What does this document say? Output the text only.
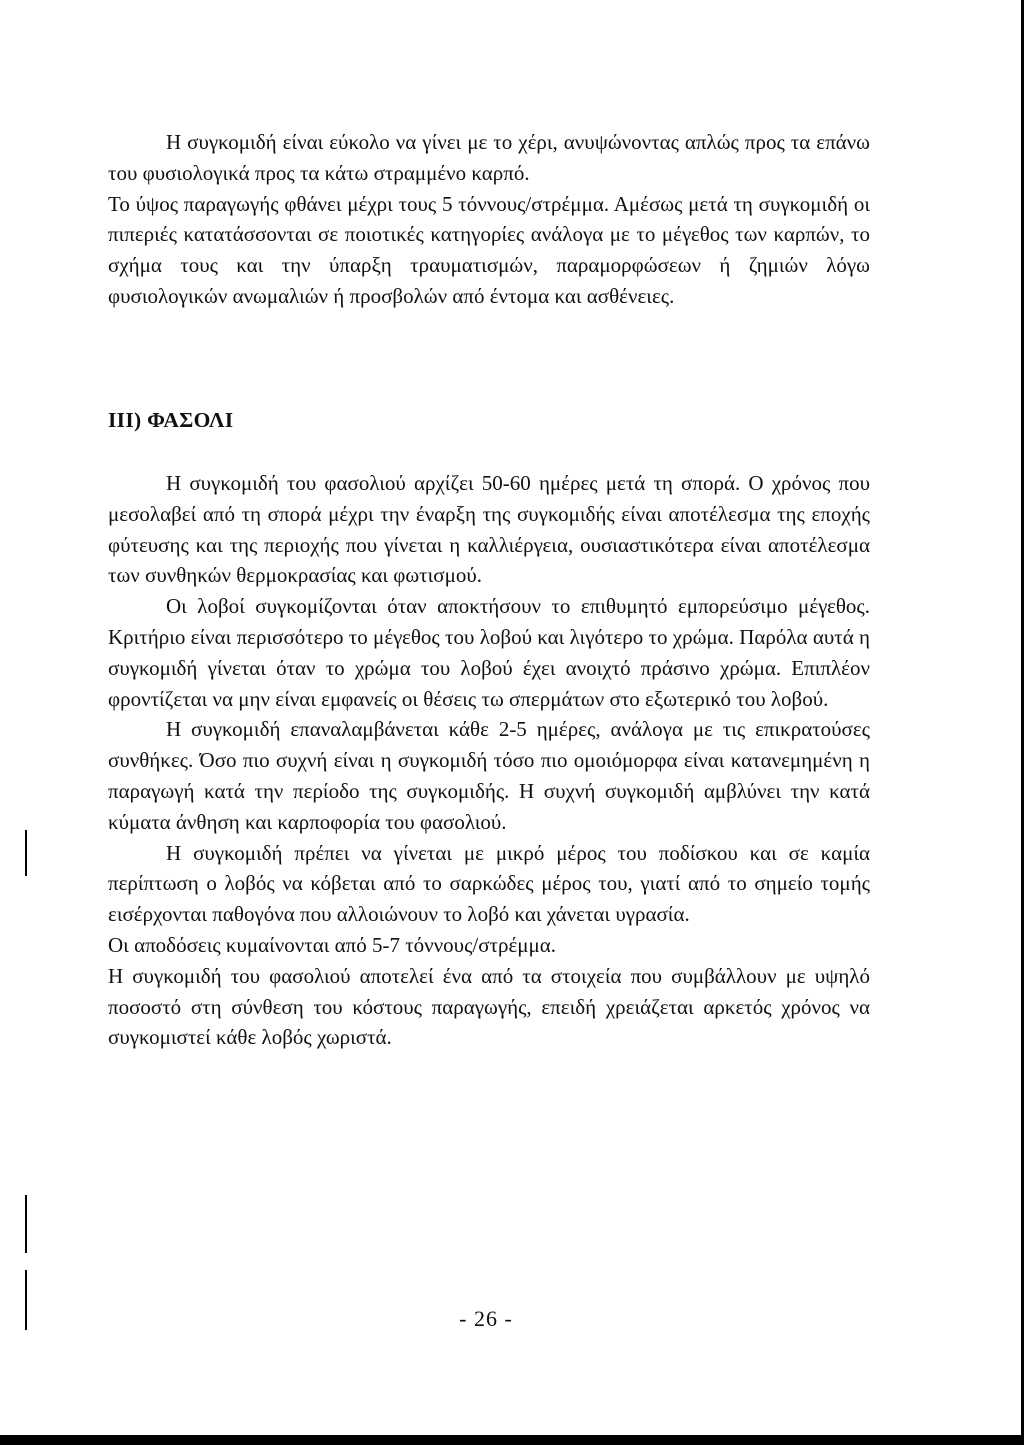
Η συγκομιδή είναι εύκολο να γίνει με το χέρι, ανυψώνοντας απλώς προς τα επάνω του φυσιολογικά προς τα κάτω στραμμένο καρπό.

Το ύψος παραγωγής φθάνει μέχρι τους 5 τόννους/στρέμμα. Αμέσως μετά τη συγκομιδή οι πιπεριές κατατάσσονται σε ποιοτικές κατηγορίες ανάλογα με το μέγεθος των καρπών, το σχήμα τους και την ύπαρξη τραυματισμών, παραμορφώσεων ή ζημιών λόγω φυσιολογικών ανωμαλιών ή προσβολών από έντομα και ασθένειες.

III) ΦΑΣΟΛΙ

Η συγκομιδή του φασολιού αρχίζει 50-60 ημέρες μετά τη σπορά. Ο χρόνος που μεσολαβεί από τη σπορά μέχρι την έναρξη της συγκομιδής είναι αποτέλεσμα της εποχής φύτευσης και της περιοχής που γίνεται η καλλιέργεια, ουσιαστικότερα είναι αποτέλεσμα των συνθηκών θερμοκρασίας και φωτισμού.

Οι λοβοί συγκομίζονται όταν αποκτήσουν το επιθυμητό εμπορεύσιμο μέγεθος. Κριτήριο είναι περισσότερο το μέγεθος του λοβού και λιγότερο το χρώμα. Παρόλα αυτά η συγκομιδή γίνεται όταν το χρώμα του λοβού έχει ανοιχτό πράσινο χρώμα. Επιπλέον φροντίζεται να μην είναι εμφανείς οι θέσεις τω σπερμάτων στο εξωτερικό του λοβού.

Η συγκομιδή επαναλαμβάνεται κάθε 2-5 ημέρες, ανάλογα με τις επικρατούσες συνθήκες. Όσο πιο συχνή είναι η συγκομιδή τόσο πιο ομοιόμορφα είναι κατανεμημένη η παραγωγή κατά την περίοδο της συγκομιδής. Η συχνή συγκομιδή αμβλύνει την κατά κύματα άνθηση και καρποφορία του φασολιού.

Η συγκομιδή πρέπει να γίνεται με μικρό μέρος του ποδίσκου και σε καμία περίπτωση ο λοβός να κόβεται από το σαρκώδες μέρος του, γιατί από το σημείο τομής εισέρχονται παθογόνα που αλλοιώνουν το λοβό και χάνεται υγρασία.

Οι αποδόσεις κυμαίνονται από 5-7 τόννους/στρέμμα.

Η συγκομιδή του φασολιού αποτελεί ένα από τα στοιχεία που συμβάλλουν με υψηλό ποσοστό στη σύνθεση του κόστους παραγωγής, επειδή χρειάζεται αρκετός χρόνος να συγκομιστεί κάθε λοβός χωριστά.

- 26 -
